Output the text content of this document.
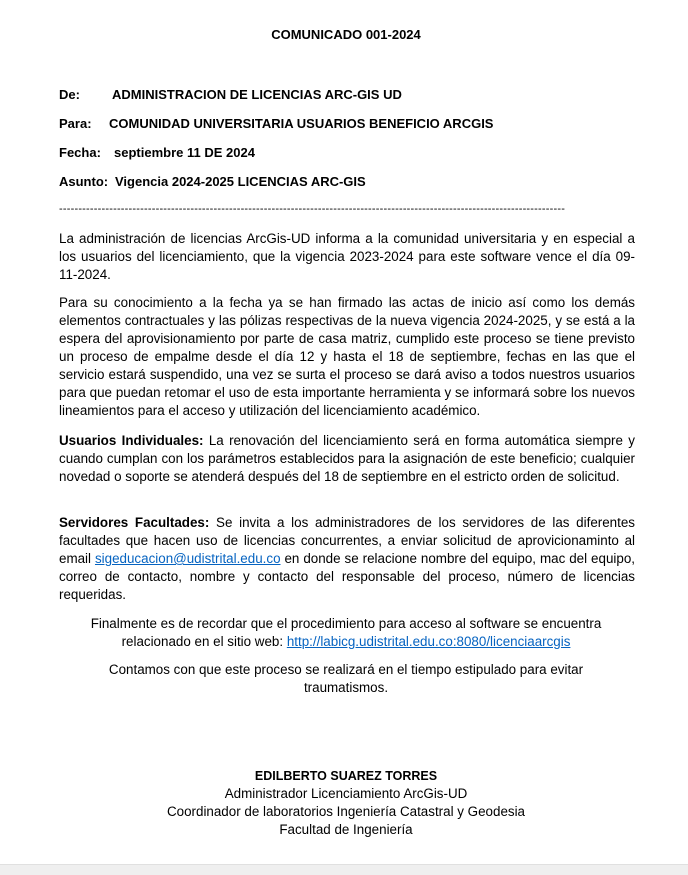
COMUNICADO 001-2024
De: ADMINISTRACION DE LICENCIAS ARC-GIS UD
Para: COMUNIDAD UNIVERSITARIA USUARIOS BENEFICIO ARCGIS
Fecha: septiembre 11 DE 2024
Asunto: Vigencia 2024-2025 LICENCIAS ARC-GIS
-----------------------------------------------------------------------------------------------------------------------------------

La administración de licencias ArcGis-UD informa a la comunidad universitaria y en especial a los usuarios del licenciamiento, que la vigencia 2023-2024 para este software vence el día 09-11-2024.

Para su conocimiento a la fecha ya se han firmado las actas de inicio así como los demás elementos contractuales y las pólizas respectivas de la nueva vigencia 2024-2025, y se está a la espera del aprovisionamiento por parte de casa matriz, cumplido este proceso se tiene previsto un proceso de empalme desde el día 12 y hasta el 18 de septiembre, fechas en las que el servicio estará suspendido, una vez se surta el proceso se dará aviso a todos nuestros usuarios para que puedan retomar el uso de esta importante herramienta y se informará sobre los nuevos lineamientos para el acceso y utilización del licenciamiento académico.

Usuarios Individuales: La renovación del licenciamiento será en forma automática siempre y cuando cumplan con los parámetros establecidos para la asignación de este beneficio; cualquier novedad o soporte se atenderá después del 18 de septiembre en el estricto orden de solicitud.

Servidores Facultades: Se invita a los administradores de los servidores de las diferentes facultades que hacen uso de licencias concurrentes, a enviar solicitud de aprovicionaminto al email sigeducacion@udistrital.edu.co en donde se relacione nombre del equipo, mac del equipo, correo de contacto, nombre y contacto del responsable del proceso, número de licencias requeridas.

Finalmente es de recordar que el procedimiento para acceso al software se encuentra relacionado en el sitio web: http://labicg.udistrital.edu.co:8080/licenciaarcgis

Contamos con que este proceso se realizará en el tiempo estipulado para evitar traumatismos.

EDILBERTO SUAREZ TORRES
Administrador Licenciamiento ArcGis-UD
Coordinador de laboratorios Ingeniería Catastral y Geodesia
Facultad de Ingeniería
